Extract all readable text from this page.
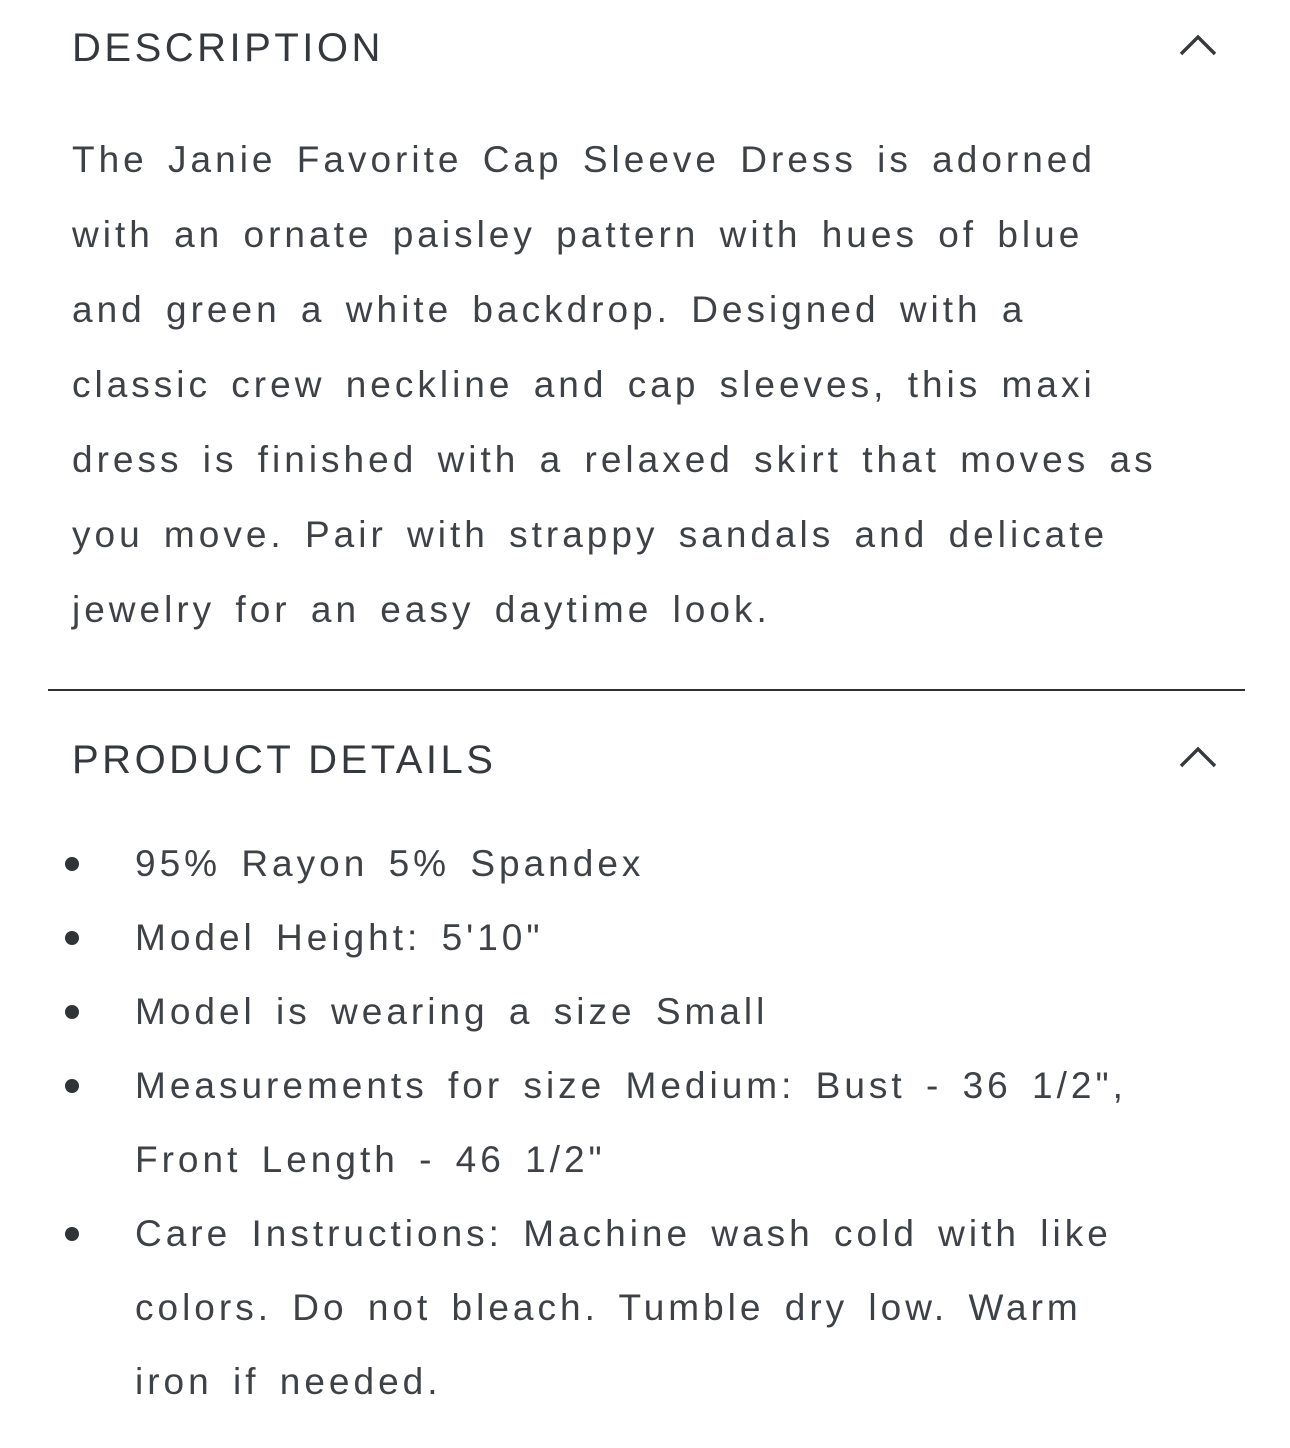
DESCRIPTION
The Janie Favorite Cap Sleeve Dress is adorned
with an ornate paisley pattern with hues of blue
and green a white backdrop. Designed with a
classic crew neckline and cap sleeves, this maxi
dress is finished with a relaxed skirt that moves as
you move. Pair with strappy sandals and delicate
jewelry for an easy daytime look.
PRODUCT DETAILS
95% Rayon 5% Spandex
Model Height: 5'10"
Model is wearing a size Small
Measurements for size Medium: Bust - 36 1/2",
Front Length - 46 1/2"
Care Instructions: Machine wash cold with like
colors. Do not bleach. Tumble dry low. Warm
iron if needed.
